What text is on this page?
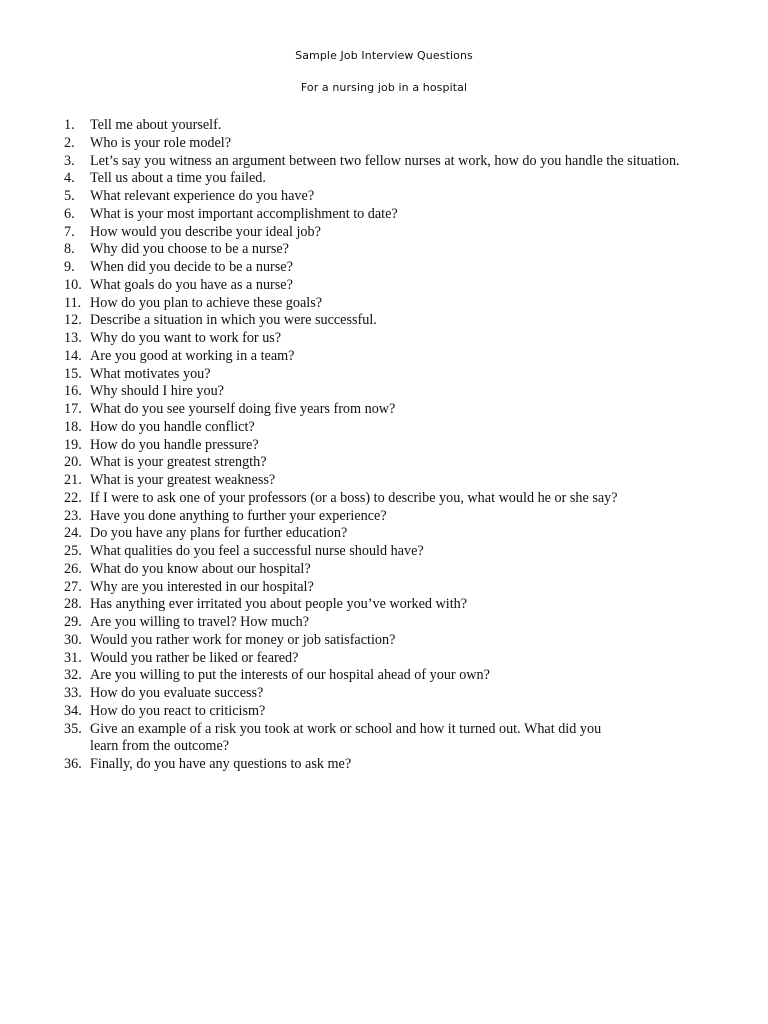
Sample Job Interview Questions
For a nursing job in a hospital
1.	Tell me about yourself.
2.	Who is your role model?
3.	Let’s say you witness an argument between two fellow nurses at work, how do you handle the situation.
4.	Tell us about a time you failed.
5.	What relevant experience do you have?
6.	What is your most important accomplishment to date?
7.	How would you describe your ideal job?
8.	Why did you choose to be a nurse?
9.	When did you decide to be a nurse?
10. What goals do you have as a nurse?
11. How do you plan to achieve these goals?
12. Describe a situation in which you were successful.
13. Why do you want to work for us?
14. Are you good at working in a team?
15. What motivates you?
16. Why should I hire you?
17. What do you see yourself doing five years from now?
18. How do you handle conflict?
19. How do you handle pressure?
20. What is your greatest strength?
21. What is your greatest weakness?
22. If I were to ask one of your professors (or a boss) to describe you, what would he or she say?
23. Have you done anything to further your experience?
24. Do you have any plans for further education?
25. What qualities do you feel a successful nurse should have?
26. What do you know about our hospital?
27. Why are you interested in our hospital?
28. Has anything ever irritated you about people you’ve worked with?
29. Are you willing to travel? How much?
30. Would you rather work for money or job satisfaction?
31. Would you rather be liked or feared?
32. Are you willing to put the interests of our hospital ahead of your own?
33. How do you evaluate success?
34. How do you react to criticism?
35. Give an example of a risk you took at work or school and how it turned out. What did you
learn from the outcome?
36. Finally, do you have any questions to ask me?
